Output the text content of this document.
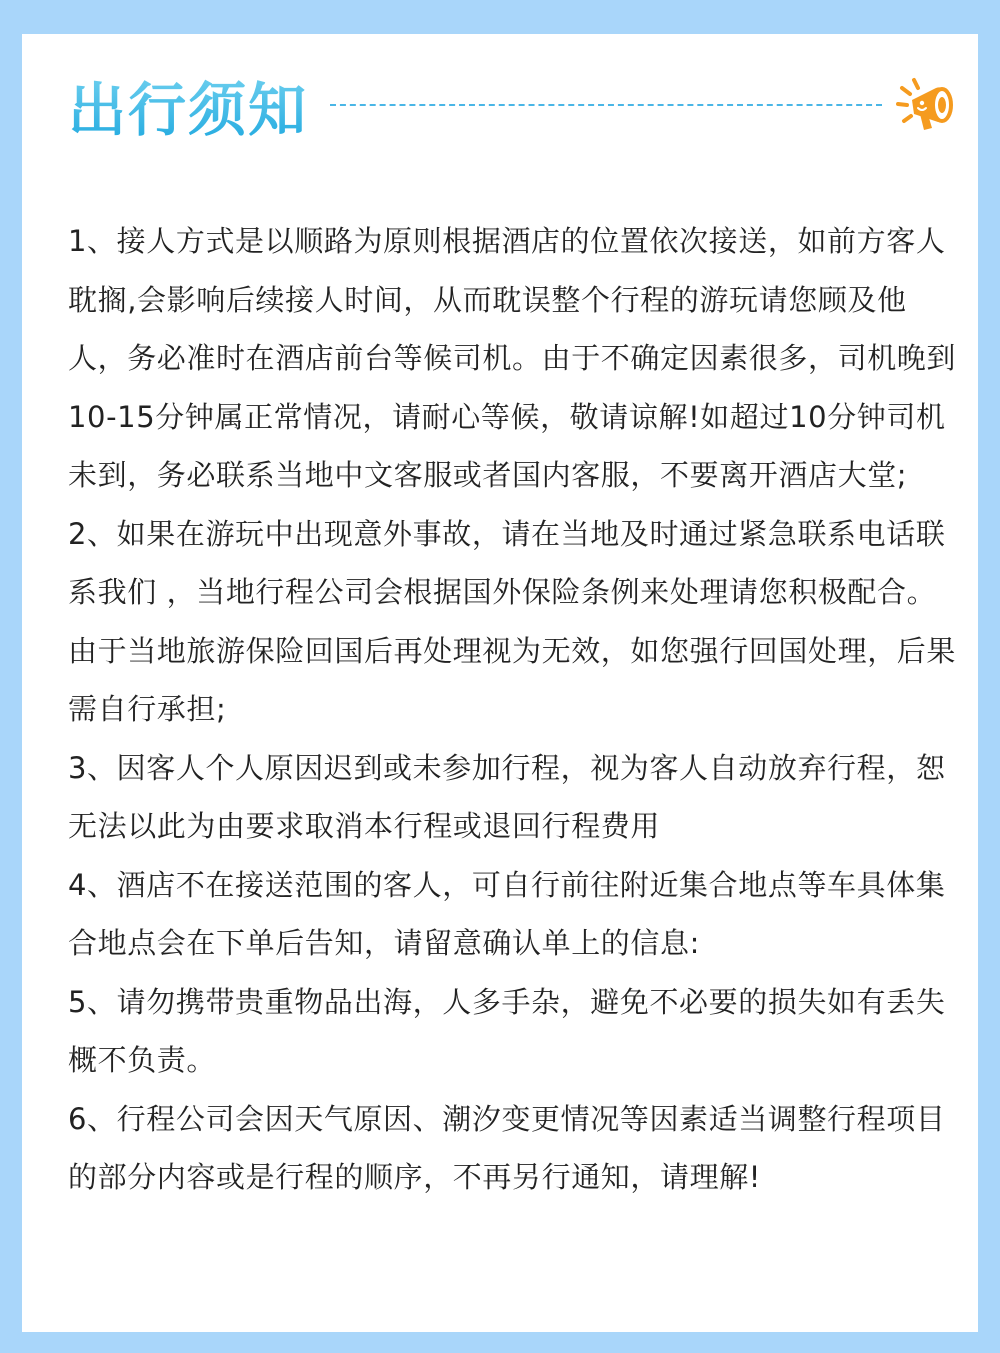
出行须知
1、接人方式是以顺路为原则根据酒店的位置依次接送，如前方客人耽搁,会影响后续接人时间，从而耽误整个行程的游玩请您顾及他人，务必准时在酒店前台等候司机。由于不确定因素很多，司机晚到10-15分钟属正常情况，请耐心等候，敬请谅解!如超过10分钟司机未到，务必联系当地中文客服或者国内客服，不要离开酒店大堂;
2、如果在游玩中出现意外事故，请在当地及时通过紧急联系电话联系我们 ，当地行程公司会根据国外保险条例来处理请您积极配合。由于当地旅游保险回国后再处理视为无效，如您强行回国处理，后果需自行承担;
3、因客人个人原因迟到或未参加行程，视为客人自动放弃行程，恕无法以此为由要求取消本行程或退回行程费用
4、酒店不在接送范围的客人，可自行前往附近集合地点等车具体集合地点会在下单后告知，请留意确认单上的信息:
5、请勿携带贵重物品出海，人多手杂，避免不必要的损失如有丢失概不负责。
6、行程公司会因天气原因、潮汐变更情况等因素适当调整行程项目的部分内容或是行程的顺序，不再另行通知，请理解!
